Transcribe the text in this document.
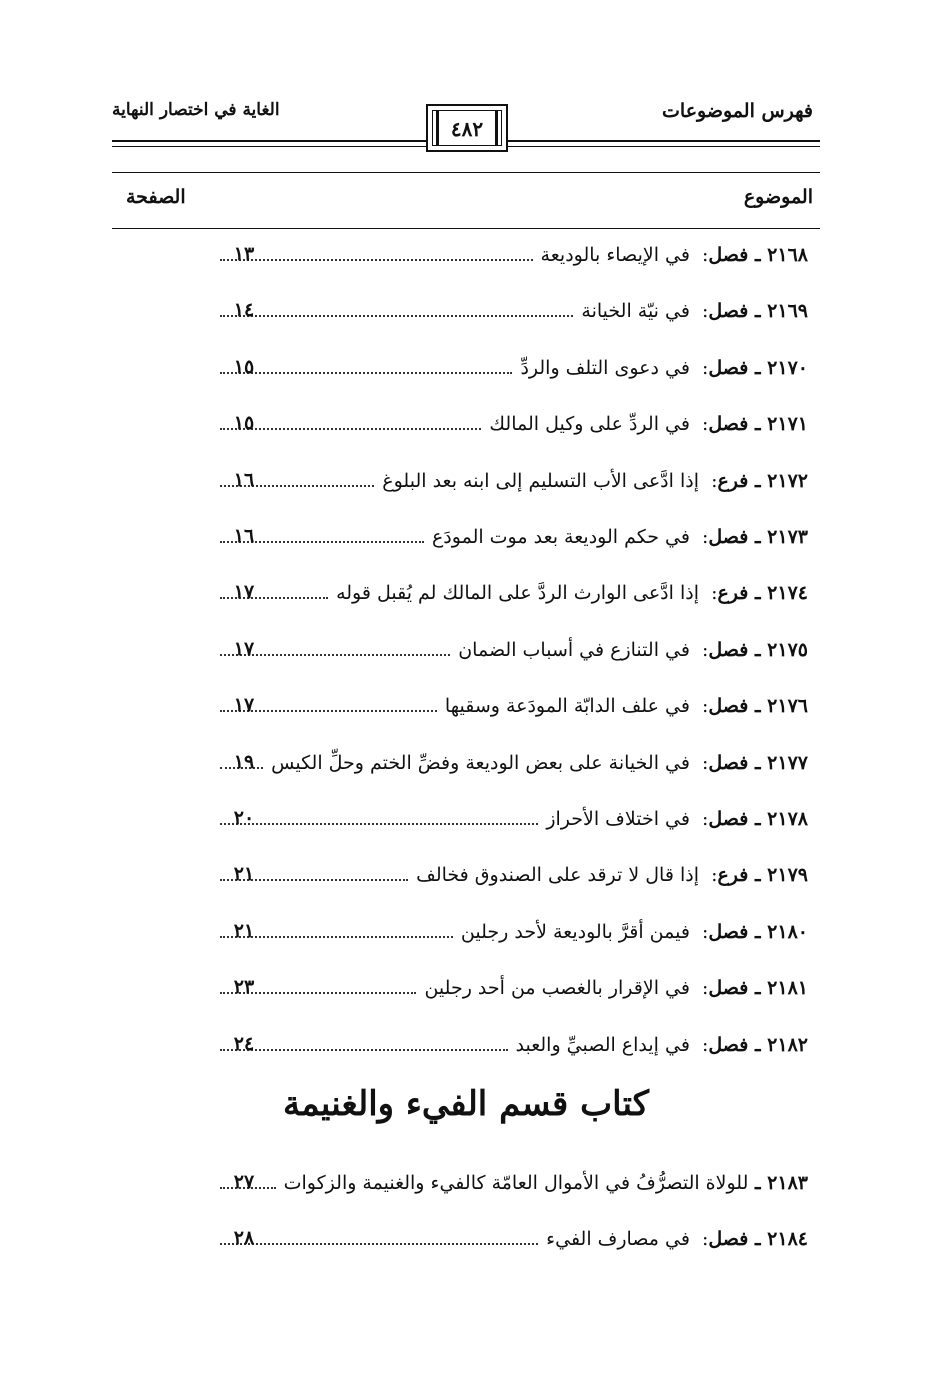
فهرس الموضوعات
الغاية في اختصار النهاية
٤٨٢
الموضوع
الصفحة
٢١٦٨
ـ
فصل
:
في الإيصاء بالوديعة
١٣
٢١٦٩
ـ
فصل
:
في نيّة الخيانة
١٤
٢١٧٠
ـ
فصل
:
في دعوى التلف والردِّ
١٥
٢١٧١
ـ
فصل
:
في الردِّ على وكيل المالك
١٥
٢١٧٢
ـ
فرع
:
إذا ادَّعى الأب التسليم إلى ابنه بعد البلوغ
١٦
٢١٧٣
ـ
فصل
:
في حكم الوديعة بعد موت المودَع
١٦
٢١٧٤
ـ
فرع
:
إذا ادَّعى الوارث الردَّ على المالك لم يُقبل قوله
١٧
٢١٧٥
ـ
فصل
:
في التنازع في أسباب الضمان
١٧
٢١٧٦
ـ
فصل
:
في علف الدابّة المودَعة وسقيها
١٧
٢١٧٧
ـ
فصل
:
في الخيانة على بعض الوديعة وفضِّ الختم وحلِّ الكيس
١٩
٢١٧٨
ـ
فصل
:
في اختلاف الأحراز
٢٠
٢١٧٩
ـ
فرع
:
إذا قال لا ترقد على الصندوق فخالف
٢١
٢١٨٠
ـ
فصل
:
فيمن أقرَّ بالوديعة لأحد رجلين
٢١
٢١٨١
ـ
فصل
:
في الإقرار بالغصب من أحد رجلين
٢٣
٢١٨٢
ـ
فصل
:
في إيداع الصبيِّ والعبد
٢٤
كتاب قسم الفيء والغنيمة
٢١٨٣
ـ
للولاة التصرُّفُ في الأموال العامّة كالفيء والغنيمة والزكوات
٢٧
٢١٨٤
ـ
فصل
:
في مصارف الفيء
٢٨
